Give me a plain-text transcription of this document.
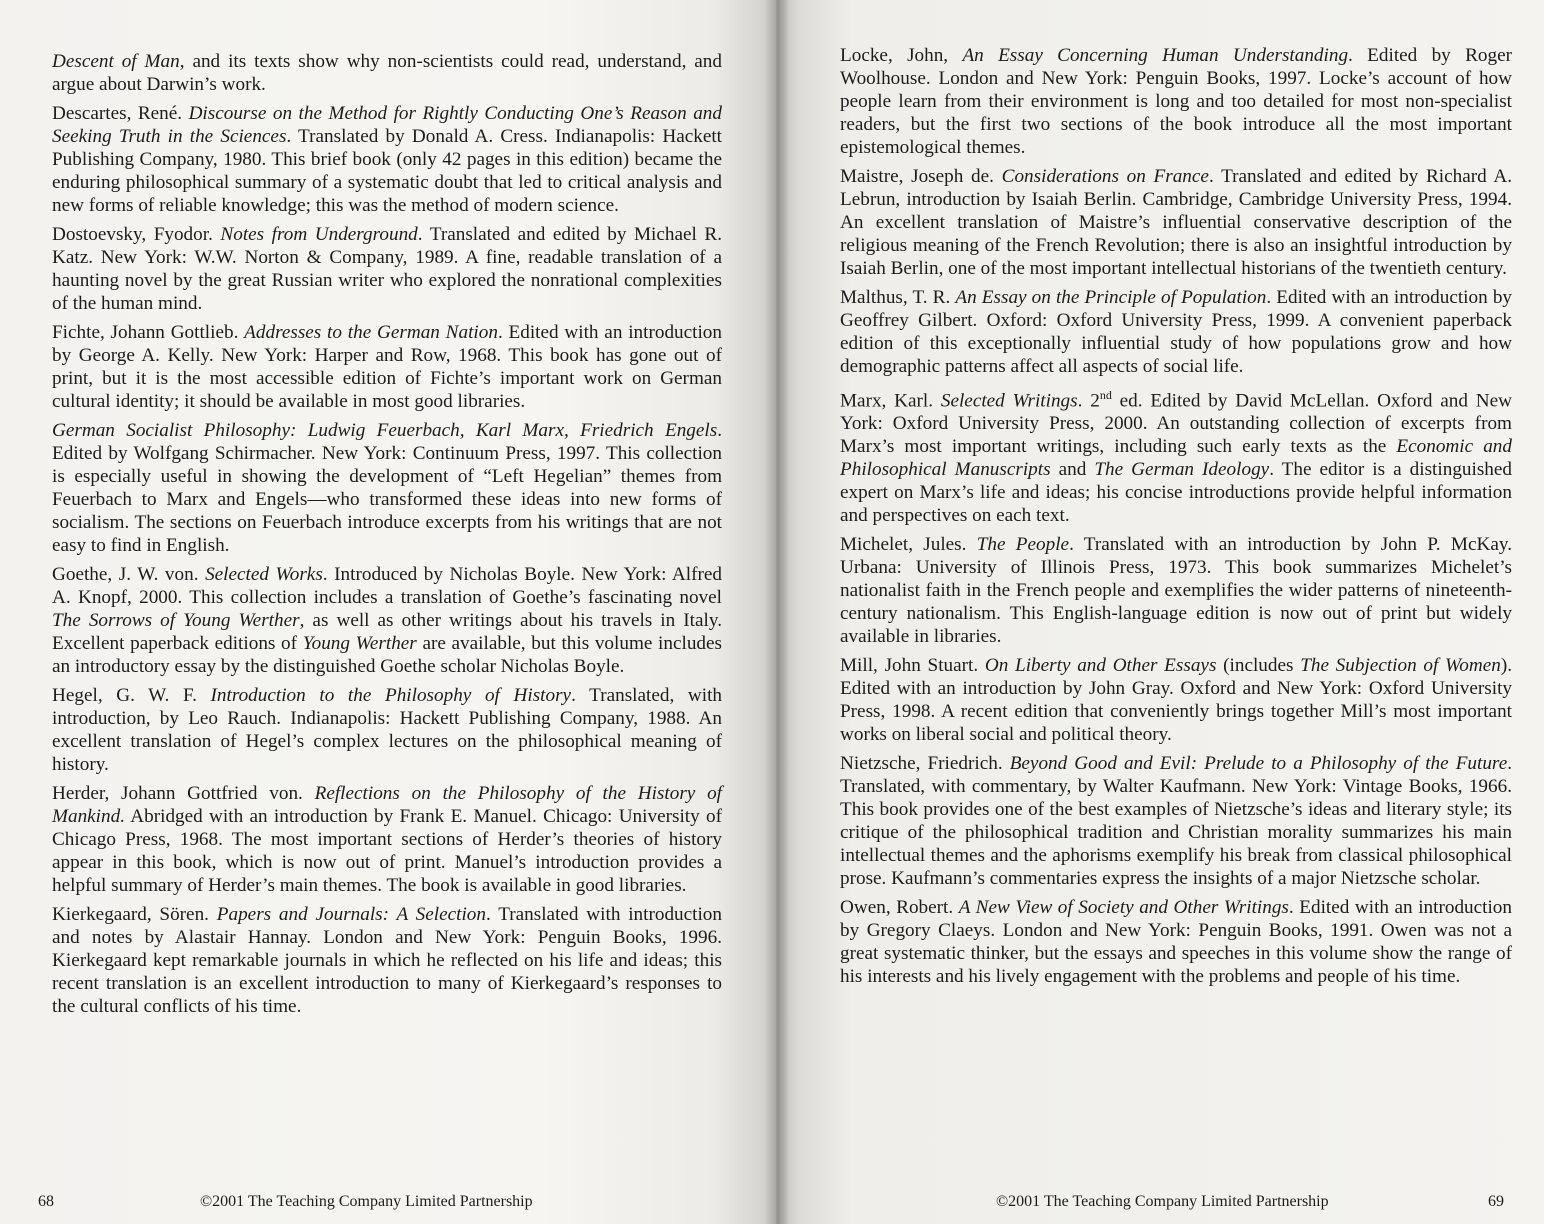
Descent of Man, and its texts show why non-scientists could read, understand, and argue about Darwin’s work.

Descartes, René. Discourse on the Method for Rightly Conducting One’s Reason and Seeking Truth in the Sciences. Translated by Donald A. Cress. Indianapolis: Hackett Publishing Company, 1980. This brief book (only 42 pages in this edition) became the enduring philosophical summary of a systematic doubt that led to critical analysis and new forms of reliable knowledge; this was the method of modern science.

Dostoevsky, Fyodor. Notes from Underground. Translated and edited by Michael R. Katz. New York: W.W. Norton & Company, 1989. A fine, readable translation of a haunting novel by the great Russian writer who explored the nonrational complexities of the human mind.

Fichte, Johann Gottlieb. Addresses to the German Nation. Edited with an introduction by George A. Kelly. New York: Harper and Row, 1968. This book has gone out of print, but it is the most accessible edition of Fichte’s important work on German cultural identity; it should be available in most good libraries.

German Socialist Philosophy: Ludwig Feuerbach, Karl Marx, Friedrich Engels. Edited by Wolfgang Schirmacher. New York: Continuum Press, 1997. This collection is especially useful in showing the development of “Left Hegelian” themes from Feuerbach to Marx and Engels—who transformed these ideas into new forms of socialism. The sections on Feuerbach introduce excerpts from his writings that are not easy to find in English.

Goethe, J. W. von. Selected Works. Introduced by Nicholas Boyle. New York: Alfred A. Knopf, 2000. This collection includes a translation of Goethe’s fascinating novel The Sorrows of Young Werther, as well as other writings about his travels in Italy. Excellent paperback editions of Young Werther are available, but this volume includes an introductory essay by the distinguished Goethe scholar Nicholas Boyle.

Hegel, G. W. F. Introduction to the Philosophy of History. Translated, with introduction, by Leo Rauch. Indianapolis: Hackett Publishing Company, 1988. An excellent translation of Hegel’s complex lectures on the philosophical meaning of history.

Herder, Johann Gottfried von. Reflections on the Philosophy of the History of Mankind. Abridged with an introduction by Frank E. Manuel. Chicago: University of Chicago Press, 1968. The most important sections of Herder’s theories of history appear in this book, which is now out of print. Manuel’s introduction provides a helpful summary of Herder’s main themes. The book is available in good libraries.

Kierkegaard, Sören. Papers and Journals: A Selection. Translated with introduction and notes by Alastair Hannay. London and New York: Penguin Books, 1996. Kierkegaard kept remarkable journals in which he reflected on his life and ideas; this recent translation is an excellent introduction to many of Kierkegaard’s responses to the cultural conflicts of his time.

68	©2001 The Teaching Company Limited Partnership

Locke, John, An Essay Concerning Human Understanding. Edited by Roger Woolhouse. London and New York: Penguin Books, 1997. Locke’s account of how people learn from their environment is long and too detailed for most non-specialist readers, but the first two sections of the book introduce all the most important epistemological themes.

Maistre, Joseph de. Considerations on France. Translated and edited by Richard A. Lebrun, introduction by Isaiah Berlin. Cambridge, Cambridge University Press, 1994. An excellent translation of Maistre’s influential conservative description of the religious meaning of the French Revolution; there is also an insightful introduction by Isaiah Berlin, one of the most important intellectual historians of the twentieth century.

Malthus, T. R. An Essay on the Principle of Population. Edited with an introduction by Geoffrey Gilbert. Oxford: Oxford University Press, 1999. A convenient paperback edition of this exceptionally influential study of how populations grow and how demographic patterns affect all aspects of social life.

Marx, Karl. Selected Writings. 2nd ed. Edited by David McLellan. Oxford and New York: Oxford University Press, 2000. An outstanding collection of excerpts from Marx’s most important writings, including such early texts as the Economic and Philosophical Manuscripts and The German Ideology. The editor is a distinguished expert on Marx’s life and ideas; his concise introductions provide helpful information and perspectives on each text.

Michelet, Jules. The People. Translated with an introduction by John P. McKay. Urbana: University of Illinois Press, 1973. This book summarizes Michelet’s nationalist faith in the French people and exemplifies the wider patterns of nineteenth-century nationalism. This English-language edition is now out of print but widely available in libraries.

Mill, John Stuart. On Liberty and Other Essays (includes The Subjection of Women). Edited with an introduction by John Gray. Oxford and New York: Oxford University Press, 1998. A recent edition that conveniently brings together Mill’s most important works on liberal social and political theory.

Nietzsche, Friedrich. Beyond Good and Evil: Prelude to a Philosophy of the Future. Translated, with commentary, by Walter Kaufmann. New York: Vintage Books, 1966. This book provides one of the best examples of Nietzsche’s ideas and literary style; its critique of the philosophical tradition and Christian morality summarizes his main intellectual themes and the aphorisms exemplify his break from classical philosophical prose. Kaufmann’s commentaries express the insights of a major Nietzsche scholar.

Owen, Robert. A New View of Society and Other Writings. Edited with an introduction by Gregory Claeys. London and New York: Penguin Books, 1991. Owen was not a great systematic thinker, but the essays and speeches in this volume show the range of his interests and his lively engagement with the problems and people of his time.

©2001 The Teaching Company Limited Partnership	69
